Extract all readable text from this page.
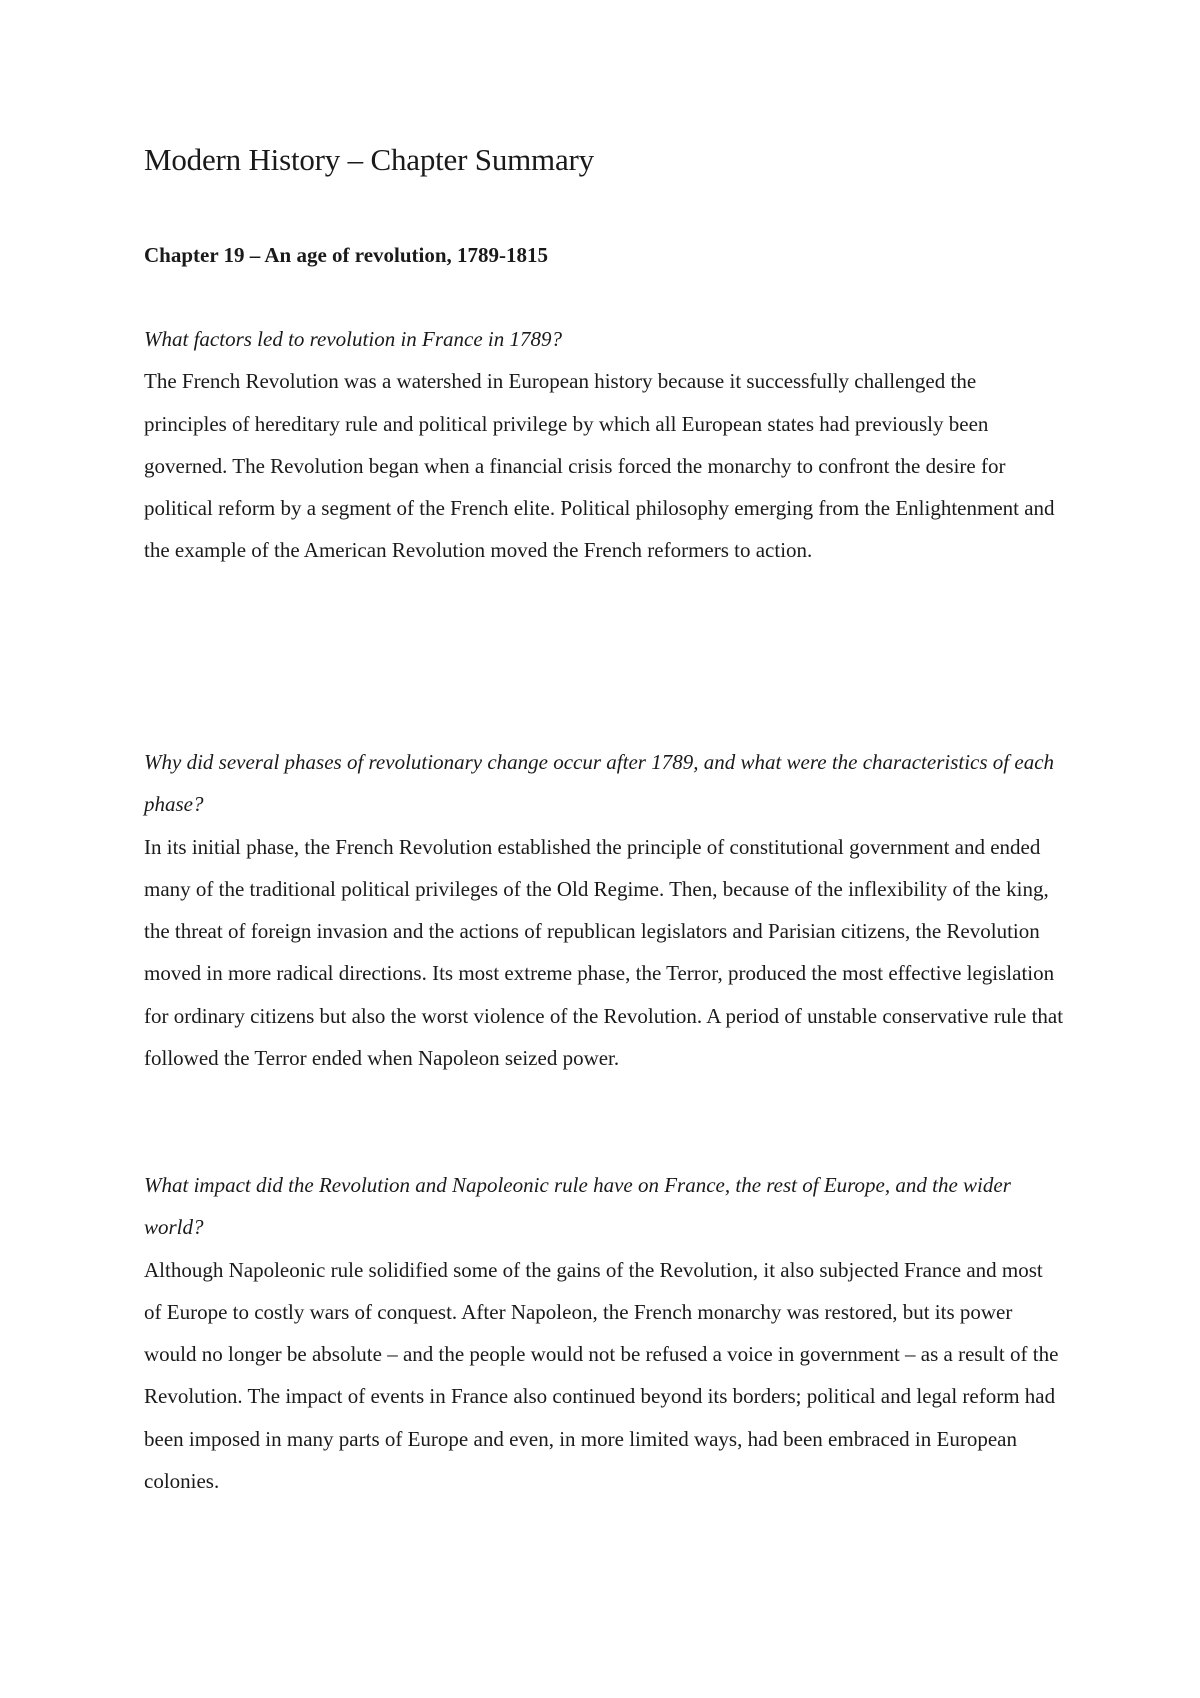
Modern History – Chapter Summary
Chapter 19 – An age of revolution, 1789-1815

What factors led to revolution in France in 1789?

The French Revolution was a watershed in European history because it successfully challenged the principles of hereditary rule and political privilege by which all European states had previously been governed. The Revolution began when a financial crisis forced the monarchy to confront the desire for political reform by a segment of the French elite. Political philosophy emerging from the Enlightenment and the example of the American Revolution moved the French reformers to action.

Why did several phases of revolutionary change occur after 1789, and what were the characteristics of each phase?

In its initial phase, the French Revolution established the principle of constitutional government and ended many of the traditional political privileges of the Old Regime. Then, because of the inflexibility of the king, the threat of foreign invasion and the actions of republican legislators and Parisian citizens, the Revolution moved in more radical directions. Its most extreme phase, the Terror, produced the most effective legislation for ordinary citizens but also the worst violence of the Revolution. A period of unstable conservative rule that followed the Terror ended when Napoleon seized power.

What impact did the Revolution and Napoleonic rule have on France, the rest of Europe, and the wider world?

Although Napoleonic rule solidified some of the gains of the Revolution, it also subjected France and most of Europe to costly wars of conquest. After Napoleon, the French monarchy was restored, but its power would no longer be absolute – and the people would not be refused a voice in government – as a result of the Revolution. The impact of events in France also continued beyond its borders; political and legal reform had been imposed in many parts of Europe and even, in more limited ways, had been embraced in European colonies.
